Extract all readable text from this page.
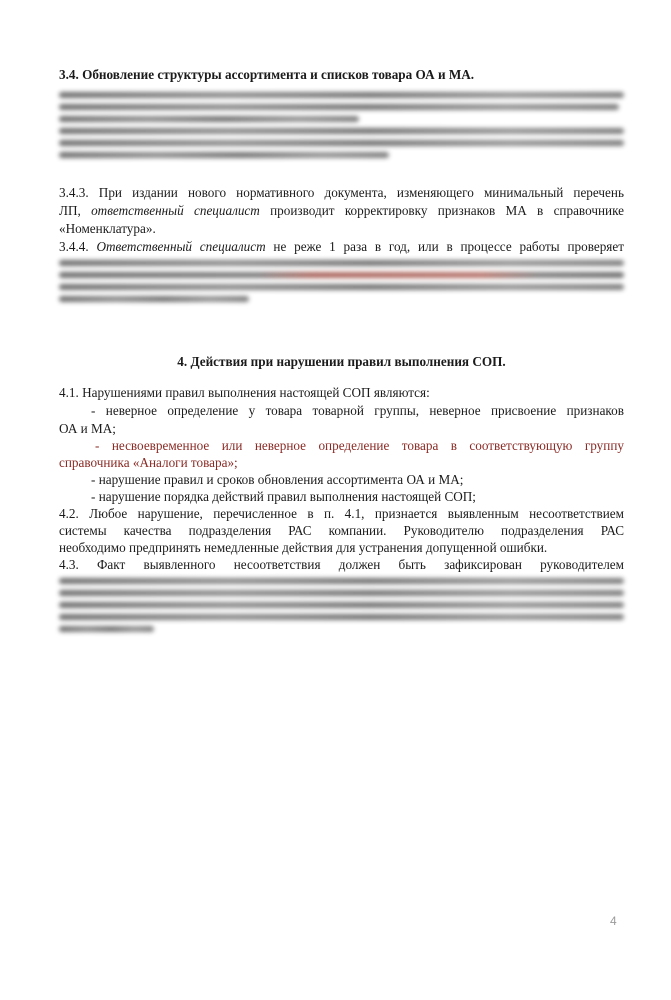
3.4. Обновление структуры ассортимента и списков товара ОА и МА.
3.4.3. При издании нового нормативного документа, изменяющего минимальный перечень
ЛП, ответственный специалист производит корректировку признаков МА в справочнике
«Номенклатура».
3.4.4. Ответственный специалист не реже 1 раза в год, или в процессе работы проверяет
4. Действия при нарушении правил выполнения СОП.
4.1. Нарушениями правил выполнения настоящей СОП являются:
- неверное определение у товара товарной группы, неверное присвоение признаков
ОА и МА;
- несвоевременное или неверное определение товара в соответствующую группу
справочника «Аналоги товара»;
- нарушение правил и сроков обновления ассортимента ОА и МА;
- нарушение порядка действий правил выполнения настоящей СОП;
4.2. Любое нарушение, перечисленное в п. 4.1, признается выявленным несоответствием
системы качества подразделения РАС компании. Руководителю подразделения РАС
необходимо предпринять немедленные действия для устранения допущенной ошибки.
4.3. Факт выявленного несоответствия должен быть зафиксирован руководителем
4
